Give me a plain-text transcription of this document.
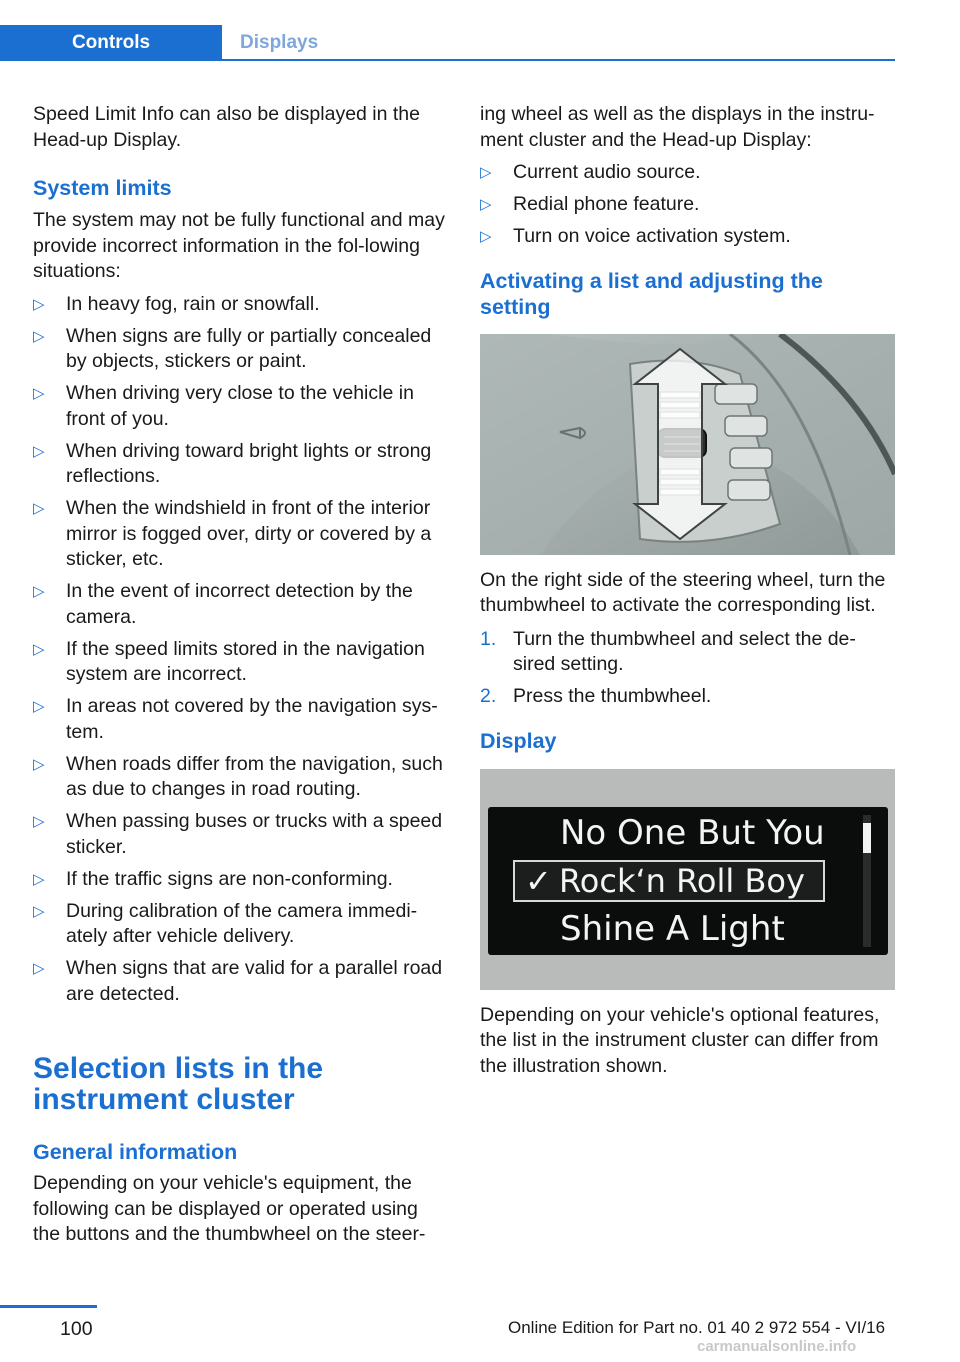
Controls	Displays

Speed Limit Info can also be displayed in the Head-up Display.

System limits

The system may not be fully functional and may provide incorrect information in the fol‐lowing situations:

▷ In heavy fog, rain or snowfall.
▷ When signs are fully or partially concealed by objects, stickers or paint.
▷ When driving very close to the vehicle in front of you.
▷ When driving toward bright lights or strong reflections.
▷ When the windshield in front of the interior mirror is fogged over, dirty or covered by a sticker, etc.
▷ In the event of incorrect detection by the camera.
▷ If the speed limits stored in the navigation system are incorrect.
▷ In areas not covered by the navigation sys‐tem.
▷ When roads differ from the navigation, such as due to changes in road routing.
▷ When passing buses or trucks with a speed sticker.
▷ If the traffic signs are non-conforming.
▷ During calibration of the camera immedi‐ately after vehicle delivery.
▷ When signs that are valid for a parallel road are detected.
Selection lists in the instrument cluster
General information

Depending on your vehicle's equipment, the following can be displayed or operated using the buttons and the thumbwheel on the steer‐

ing wheel as well as the displays in the instru‐ment cluster and the Head-up Display:

▷ Current audio source.
▷ Redial phone feature.
▷ Turn on voice activation system.
Activating a list and adjusting the setting

On the right side of the steering wheel, turn the thumbwheel to activate the corresponding list.

1. Turn the thumbwheel and select the de‐sired setting.
2. Press the thumbwheel.
Display
No One But You
✓ Rock‘n Roll Boy
Shine A Light

Depending on your vehicle's optional features, the list in the instrument cluster can differ from the illustration shown.

100	Online Edition for Part no. 01 40 2 972 554 - VI/16
carmanualsonline.info
